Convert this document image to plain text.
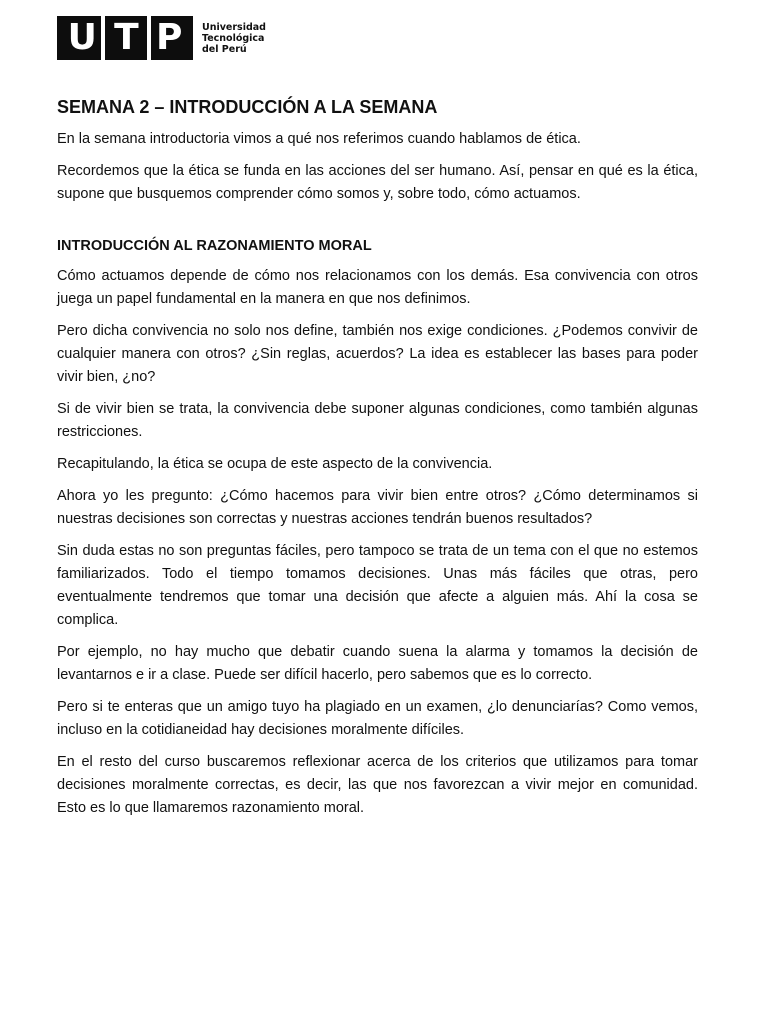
U T P Universidad
Tecnológica
del Perú
SEMANA 2 – INTRODUCCIÓN A LA SEMANA

En la semana introductoria vimos a qué nos referimos cuando hablamos de ética.

Recordemos que la ética se funda en las acciones del ser humano. Así, pensar en qué es la ética, supone que busquemos comprender cómo somos y, sobre todo, cómo actuamos.

INTRODUCCIÓN AL RAZONAMIENTO MORAL

Cómo actuamos depende de cómo nos relacionamos con los demás. Esa convivencia con otros juega un papel fundamental en la manera en que nos definimos.

Pero dicha convivencia no solo nos define, también nos exige condiciones. ¿Podemos convivir de cualquier manera con otros? ¿Sin reglas, acuerdos? La idea es establecer las bases para poder vivir bien, ¿no?

Si de vivir bien se trata, la convivencia debe suponer algunas condiciones, como también algunas restricciones.

Recapitulando, la ética se ocupa de este aspecto de la convivencia.

Ahora yo les pregunto: ¿Cómo hacemos para vivir bien entre otros? ¿Cómo determinamos si nuestras decisiones son correctas y nuestras acciones tendrán buenos resultados?

Sin duda estas no son preguntas fáciles, pero tampoco se trata de un tema con el que no estemos familiarizados. Todo el tiempo tomamos decisiones. Unas más fáciles que otras, pero eventualmente tendremos que tomar una decisión que afecte a alguien más. Ahí la cosa se complica.

Por ejemplo, no hay mucho que debatir cuando suena la alarma y tomamos la decisión de levantarnos e ir a clase. Puede ser difícil hacerlo, pero sabemos que es lo correcto.

Pero si te enteras que un amigo tuyo ha plagiado en un examen, ¿lo denunciarías? Como vemos, incluso en la cotidianeidad hay decisiones moralmente difíciles.

En el resto del curso buscaremos reflexionar acerca de los criterios que utilizamos para tomar decisiones moralmente correctas, es decir, las que nos favorezcan a vivir mejor en comunidad. Esto es lo que llamaremos razonamiento moral.
